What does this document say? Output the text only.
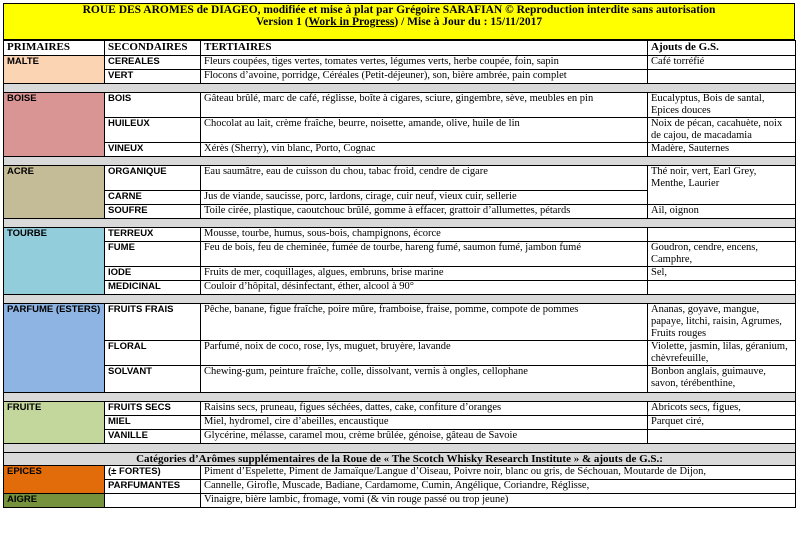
ROUE DES AROMES de DIAGEO, modifiée et mise à plat par Grégoire SARAFIAN © Reproduction interdite sans autorisation
Version 1 (Work in Progress) / Mise à Jour du : 15/11/2017
PRIMAIRES	SECONDAIRES	TERTIAIRES	Ajouts de G.S.
MALTE	CEREALES	Fleurs coupées, tiges vertes, tomates vertes, légumes verts, herbe coupée, foin, sapin	Café torréfié
	VERT	Flocons d’avoine, porridge, Céréales (Petit-déjeuner), son, bière ambrée, pain complet	

BOISE	BOIS	Gâteau brûlé, marc de café, réglisse, boîte à cigares, sciure, gingembre, sève, meubles en pin	Eucalyptus, Bois de santal, Epices douces
	HUILEUX	Chocolat au lait, crème fraîche, beurre, noisette, amande, olive, huile de lin	Noix de pécan, cacahuète, noix de cajou, de macadamia
	VINEUX	Xérès (Sherry), vin blanc, Porto, Cognac	Madère, Sauternes

ACRE	ORGANIQUE	Eau saumâtre, eau de cuisson du chou, tabac froid, cendre de cigare	Thé noir, vert, Earl Grey, Menthe, Laurier
	CARNE	Jus de viande, saucisse, porc, lardons, cirage, cuir neuf, vieux cuir, sellerie	
	SOUFRE	Toile cirée, plastique, caoutchouc brûlé, gomme à effacer, grattoir d’allumettes, pétards	Ail, oignon

TOURBE	TERREUX	Mousse, tourbe, humus, sous-bois, champignons, écorce	
	FUME	Feu de bois, feu de cheminée, fumée de tourbe, hareng fumé, saumon fumé, jambon fumé	Goudron, cendre, encens, Camphre,
	IODE	Fruits de mer, coquillages, algues, embruns, brise marine	Sel,
	MEDICINAL	Couloir d’hôpital, désinfectant, éther, alcool à 90°	

PARFUME (ESTERS)	FRUITS FRAIS	Pêche, banane, figue fraîche, poire mûre, framboise, fraise, pomme, compote de pommes	Ananas, goyave, mangue, papaye, litchi, raisin, Agrumes, Fruits rouges
	FLORAL	Parfumé, noix de coco, rose, lys, muguet, bruyère, lavande	Violette, jasmin, lilas, géranium, chèvrefeuille,
	SOLVANT	Chewing-gum, peinture fraîche, colle, dissolvant, vernis à ongles, cellophane	Bonbon anglais, guimauve, savon, térébenthine,

FRUITE	FRUITS SECS	Raisins secs, pruneau, figues séchées, dattes, cake, confiture d’oranges	Abricots secs, figues,
	MIEL	Miel, hydromel, cire d’abeilles, encaustique	Parquet ciré,
	VANILLE	Glycérine, mélasse, caramel mou, crème brûlée, génoise, gâteau de Savoie	

Catégories d’Arômes supplémentaires de la Roue de « The Scotch Whisky Research Institute » & ajouts de G.S.:			
EPICES	(± FORTES)	Piment d’Espelette, Piment de Jamaïque/Langue d’Oiseau, Poivre noir, blanc ou gris, de Séchouan, Moutarde de Dijon,	
	PARFUMANTES	Cannelle, Girofle, Muscade, Badiane, Cardamome, Cumin, Angélique, Coriandre, Réglisse,	
AIGRE		Vinaigre, bière lambic, fromage, vomi (& vin rouge passé ou trop jeune)	
